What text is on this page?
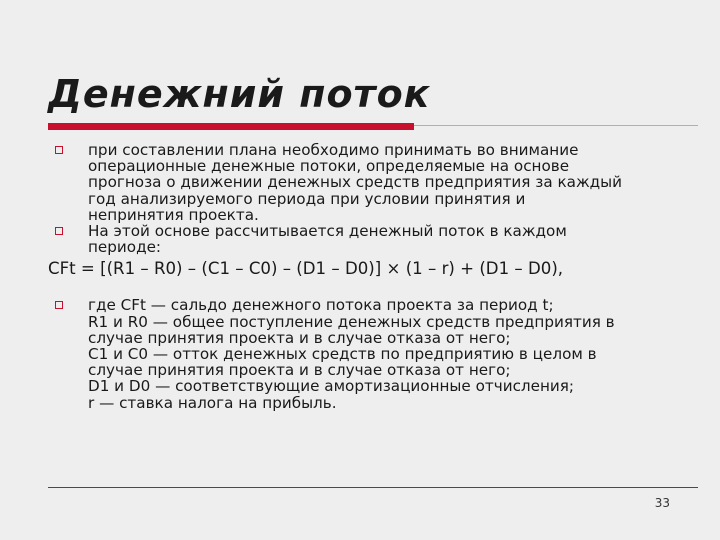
Денежний поток
при составлении плана необходимо принимать во внимание
операционные денежные потоки, определяемые на основе
прогноза о движении денежных средств предприятия за каждый
год анализируемого периода при условии принятия и
непринятия проекта.
На этой основе рассчитывается денежный поток в каждом
периоде:
CFt = [(R1 – R0) – (C1 – C0) – (D1 – D0)] × (1 – r) + (D1 – D0),
где CFt — сальдо денежного потока проекта за период t;
R1 и R0 — общее поступление денежных средств предприятия в
случае принятия проекта и в случае отказа от него;
C1 и C0 — отток денежных средств по предприятию в целом в
случае принятия проекта и в случае отказа от него;
D1 и D0 — соответствующие амортизационные отчисления;
r — ставка налога на прибыль.
33
